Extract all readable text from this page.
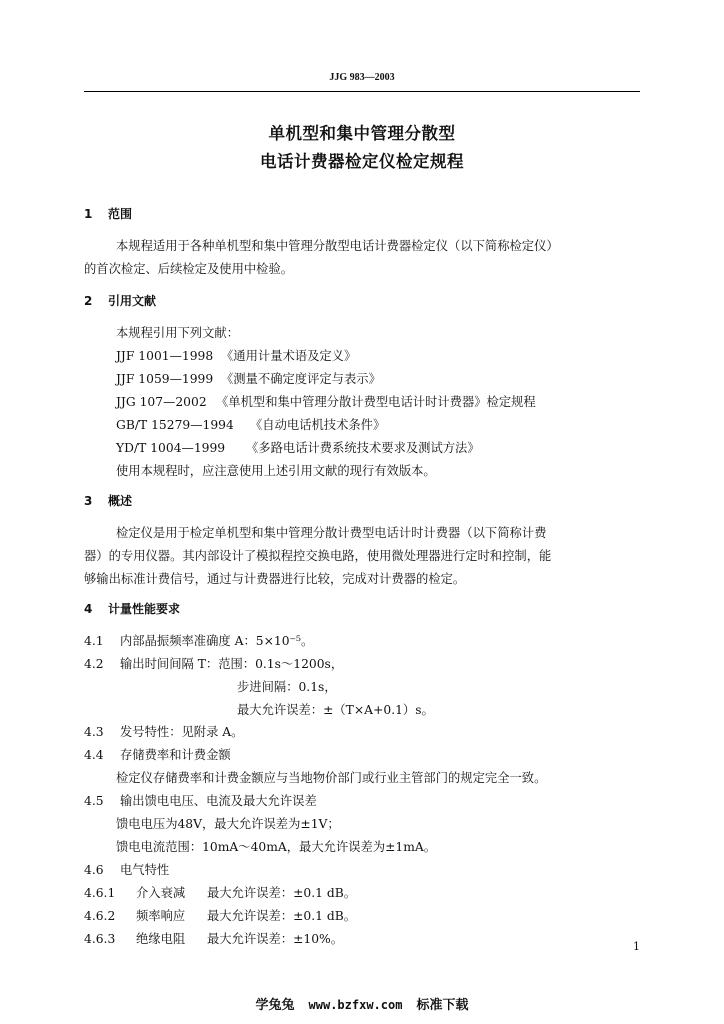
JJG 983—2003
单机型和集中管理分散型
电话计费器检定仪检定规程
1 范围
本规程适用于各种单机型和集中管理分散型电话计费器检定仪（以下简称检定仪）
的首次检定、后续检定及使用中检验。
2 引用文献
本规程引用下列文献：
JJF 1001—1998 《通用计量术语及定义》
JJF 1059—1999 《测量不确定度评定与表示》
JJG 107—2002 《单机型和集中管理分散计费型电话计时计费器》检定规程
GB/T 15279—1994 《自动电话机技术条件》
YD/T 1004—1999 《多路电话计费系统技术要求及测试方法》
使用本规程时，应注意使用上述引用文献的现行有效版本。
3 概述
检定仪是用于检定单机型和集中管理分散计费型电话计时计费器（以下简称计费
器）的专用仪器。其内部设计了模拟程控交换电路，使用微处理器进行定时和控制，能
够输出标准计费信号，通过与计费器进行比较，完成对计费器的检定。
4 计量性能要求
4.1 内部晶振频率准确度 A：5×10⁻⁵。
4.2 输出时间间隔 T：范围：0.1s～1200s，
步进间隔：0.1s，
最大允许误差：±（T×A+0.1）s。
4.3 发号特性：见附录 A。
4.4 存储费率和计费金额
检定仪存储费率和计费金额应与当地物价部门或行业主管部门的规定完全一致。
4.5 输出馈电电压、电流及最大允许误差
馈电电压为48V，最大允许误差为±1V；
馈电电流范围：10mA～40mA，最大允许误差为±1mA。
4.6 电气特性
4.6.1 介入衰减 最大允许误差：±0.1 dB。
4.6.2 频率响应 最大允许误差：±0.1 dB。
4.6.3 绝缘电阻 最大允许误差：±10%。
1
学兔兔 www.bzfxw.com 标准下载
